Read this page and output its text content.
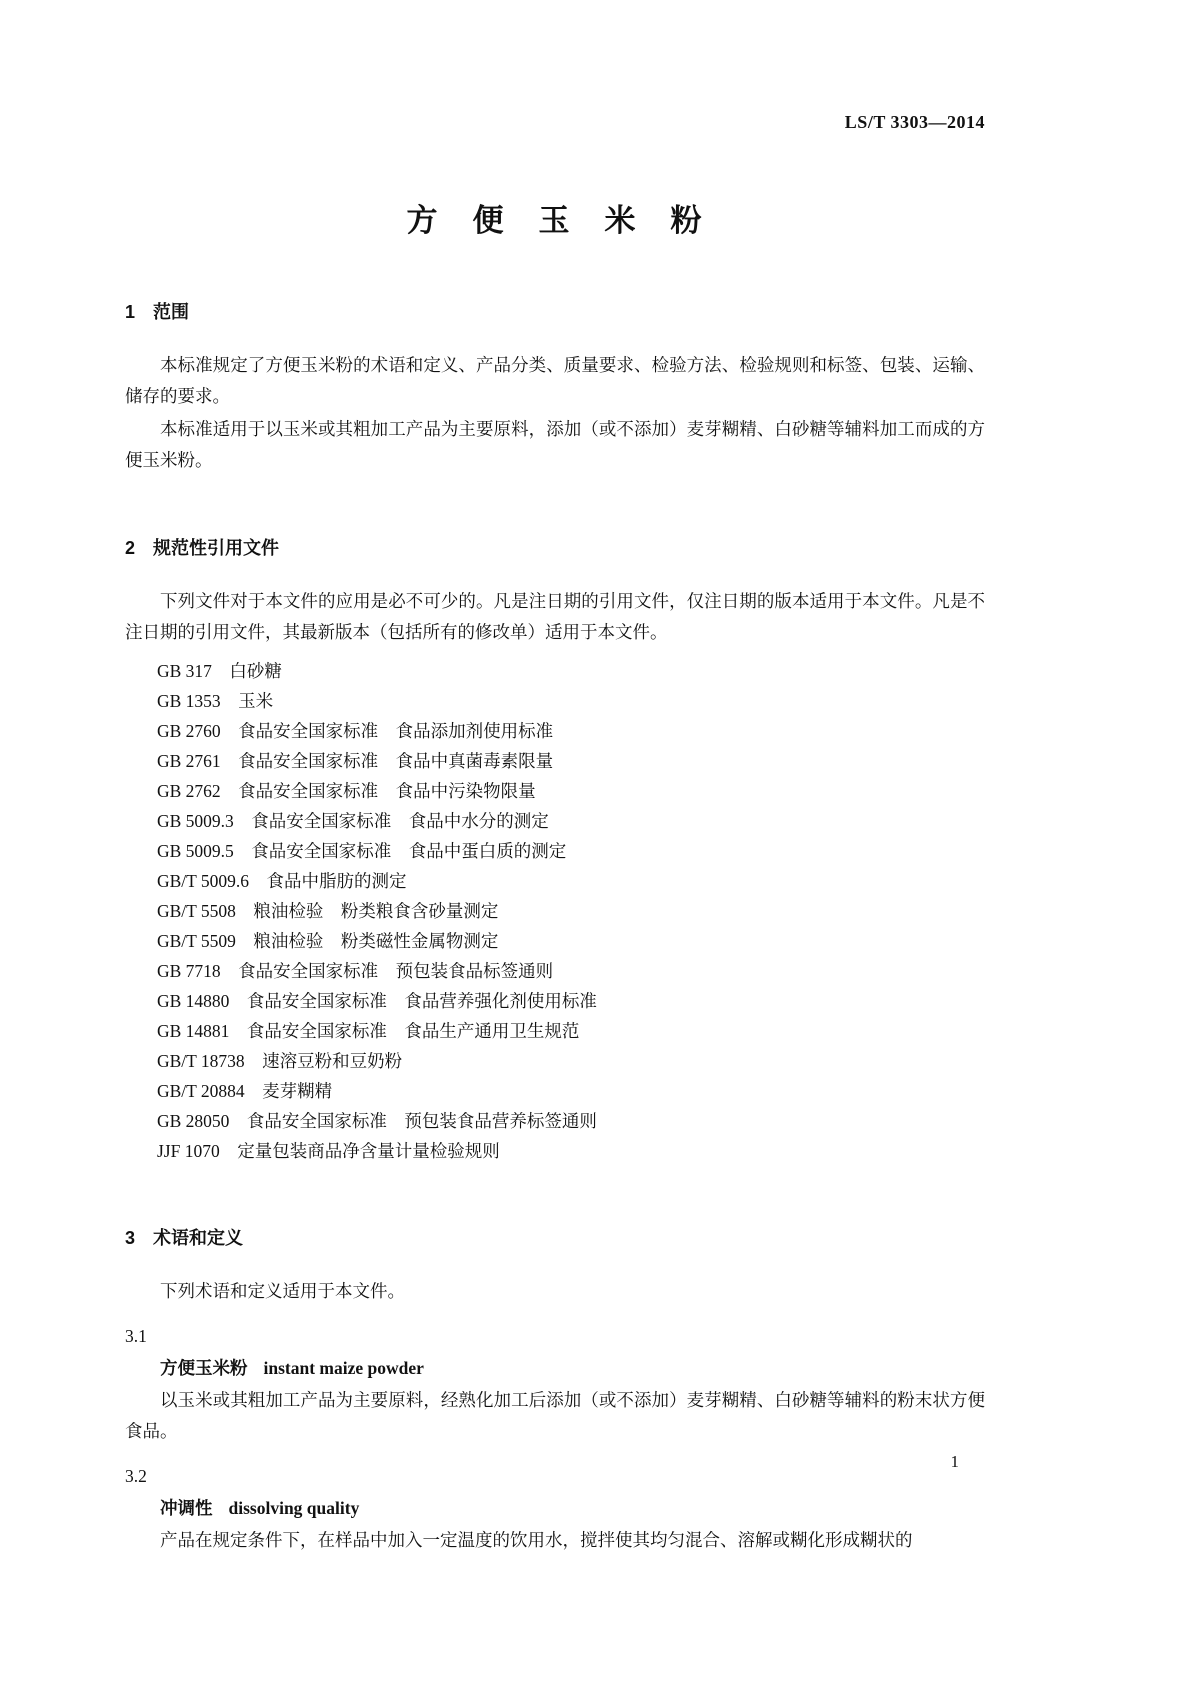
LS/T 3303—2014
方　便　玉　米　粉
1　范围
本标准规定了方便玉米粉的术语和定义、产品分类、质量要求、检验方法、检验规则和标签、包装、运输、储存的要求。
本标准适用于以玉米或其粗加工产品为主要原料，添加（或不添加）麦芽糊精、白砂糖等辅料加工而成的方便玉米粉。
2　规范性引用文件
下列文件对于本文件的应用是必不可少的。凡是注日期的引用文件，仅注日期的版本适用于本文件。凡是不注日期的引用文件，其最新版本（包括所有的修改单）适用于本文件。
GB 317　白砂糖
GB 1353　玉米
GB 2760　食品安全国家标准　食品添加剂使用标准
GB 2761　食品安全国家标准　食品中真菌毒素限量
GB 2762　食品安全国家标准　食品中污染物限量
GB 5009.3　食品安全国家标准　食品中水分的测定
GB 5009.5　食品安全国家标准　食品中蛋白质的测定
GB/T 5009.6　食品中脂肪的测定
GB/T 5508　粮油检验　粉类粮食含砂量测定
GB/T 5509　粮油检验　粉类磁性金属物测定
GB 7718　食品安全国家标准　预包装食品标签通则
GB 14880　食品安全国家标准　食品营养强化剂使用标准
GB 14881　食品安全国家标准　食品生产通用卫生规范
GB/T 18738　速溶豆粉和豆奶粉
GB/T 20884　麦芽糊精
GB 28050　食品安全国家标准　预包装食品营养标签通则
JJF 1070　定量包装商品净含量计量检验规则
3　术语和定义
下列术语和定义适用于本文件。
3.1
方便玉米粉 instant maize powder
以玉米或其粗加工产品为主要原料，经熟化加工后添加（或不添加）麦芽糊精、白砂糖等辅料的粉末状方便食品。
3.2
冲调性 dissolving quality
产品在规定条件下，在样品中加入一定温度的饮用水，搅拌使其均匀混合、溶解或糊化形成糊状的
1
